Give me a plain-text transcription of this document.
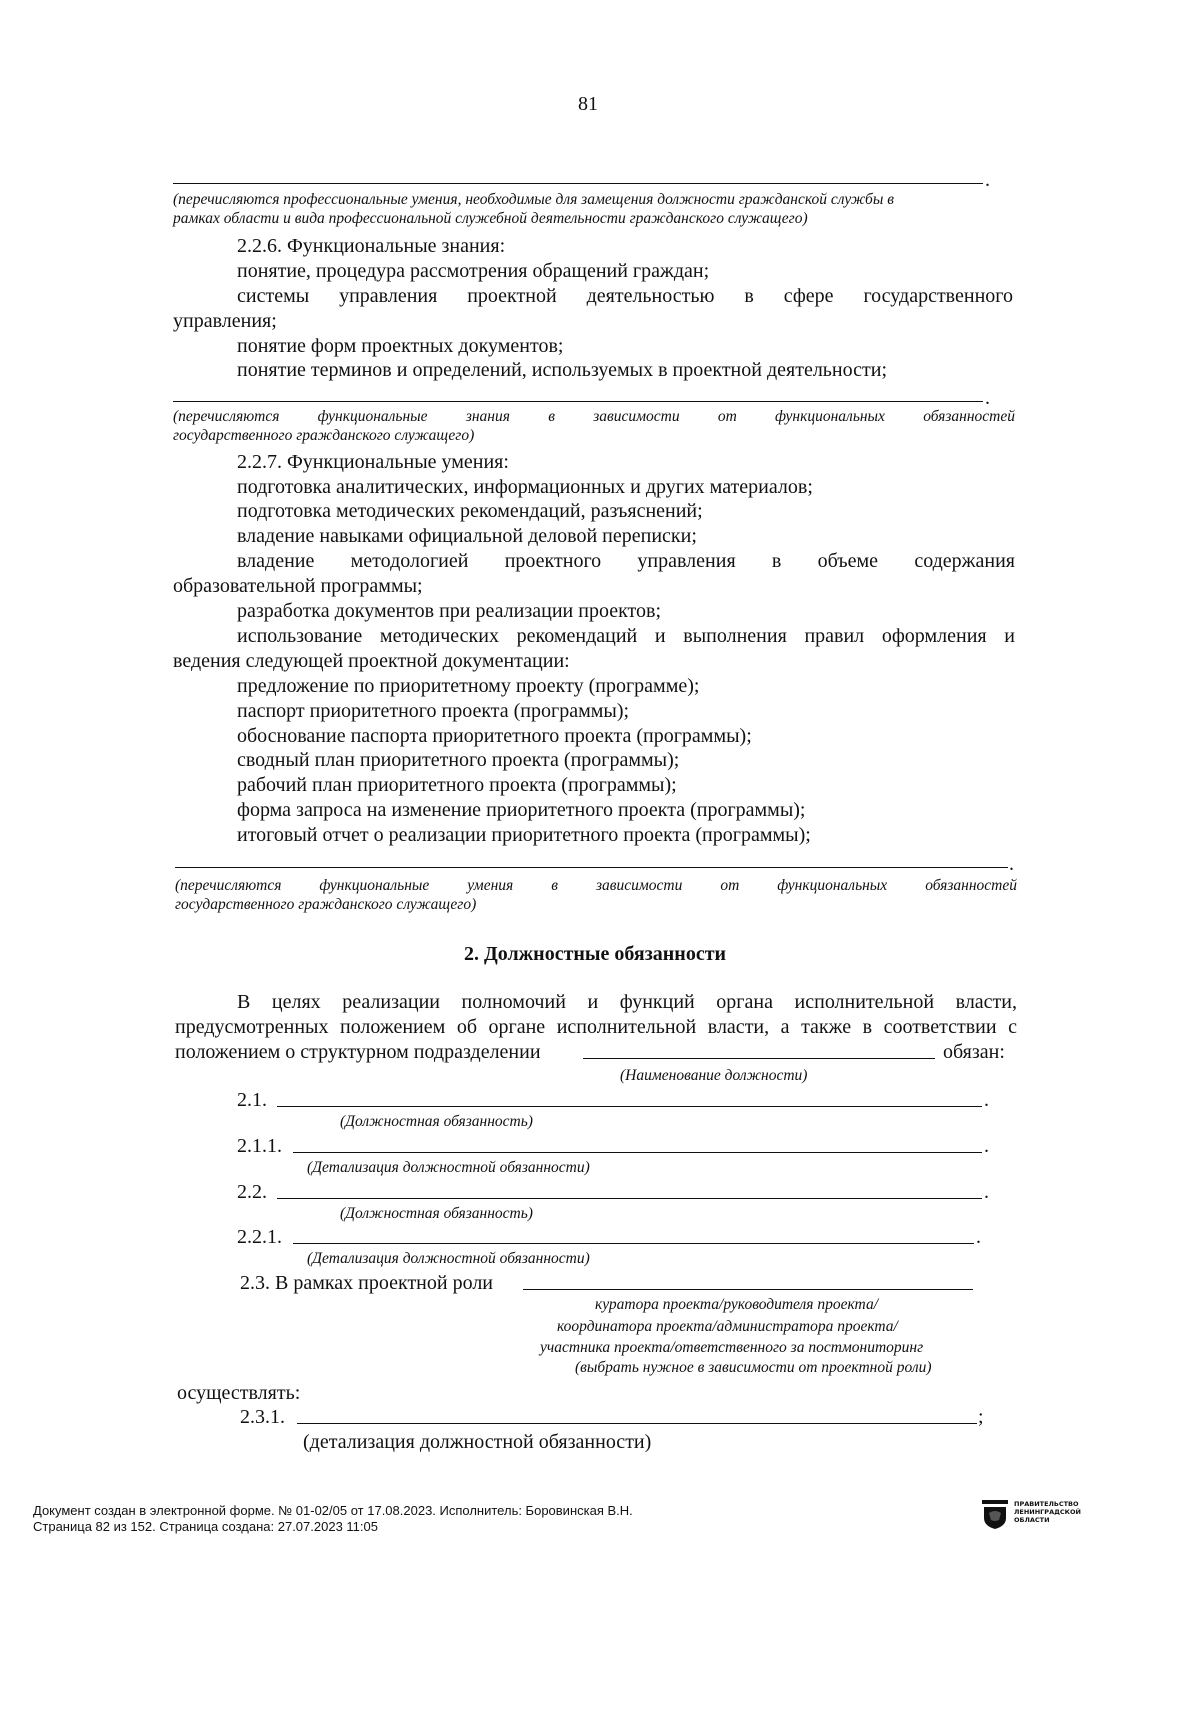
81
.
(перечисляются профессиональные умения, необходимые для замещения должности гражданской службы в
рамках области и вида профессиональной служебной деятельности гражданского служащего)
2.2.6. Функциональные знания:
понятие, процедура рассмотрения обращений граждан;
системы управления проектной деятельностью в сфере государственного
управления;
понятие форм проектных документов;
понятие терминов и определений, используемых в проектной деятельности;
.
(перечисляются функциональные знания в зависимости от функциональных обязанностей
государственного гражданского служащего)
2.2.7. Функциональные умения:
подготовка аналитических, информационных и других материалов;
подготовка методических рекомендаций, разъяснений;
владение навыками официальной деловой переписки;
владение методологией проектного управления в объеме содержания
образовательной программы;
разработка документов при реализации проектов;
использование методических рекомендаций и выполнения правил оформления и
ведения следующей проектной документации:
предложение по приоритетному проекту (программе);
паспорт приоритетного проекта (программы);
обоснование паспорта приоритетного проекта (программы);
сводный план приоритетного проекта (программы);
рабочий план приоритетного проекта (программы);
форма запроса на изменение приоритетного проекта (программы);
итоговый отчет о реализации приоритетного проекта (программы);
.
(перечисляются функциональные умения в зависимости от функциональных обязанностей
государственного гражданского служащего)
2. Должностные обязанности
В целях реализации полномочий и функций органа исполнительной власти,
предусмотренных положением об органе исполнительной власти, а также в соответствии с
положением о структурном подразделении	обязан:
(Наименование должности)
2.1.	.
(Должностная обязанность)
2.1.1.	.
(Детализация должностной обязанности)
2.2.	.
(Должностная обязанность)
2.2.1.	.
(Детализация должностной обязанности)
2.3. В рамках проектной роли
куратора проекта/руководителя проекта/
координатора проекта/администратора проекта/
участника проекта/ответственного за постмониторинг
(выбрать нужное в зависимости от проектной роли)
осуществлять:
2.3.1.	;
(детализация должностной обязанности)
Документ создан в электронной форме. № 01-02/05 от 17.08.2023. Исполнитель: Боровинская В.Н.
Страница 82 из 152. Страница создана: 27.07.2023 11:05
ПРАВИТЕЛЬСТВО
ЛЕНИНГРАДСКОЙ
ОБЛАСТИ
